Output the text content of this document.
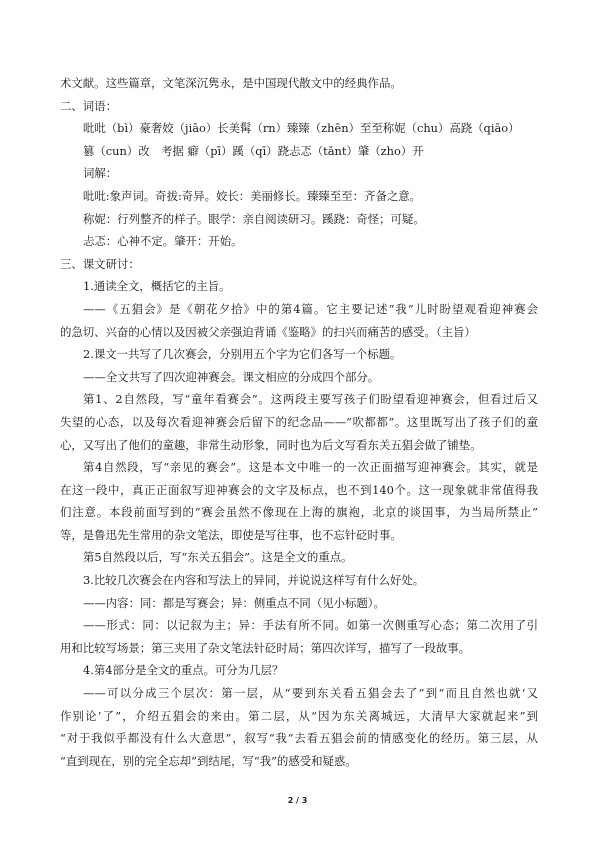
术文献。这些篇章，文笔深沉隽永，是中国现代散文中的经典作品。
二、词语：
吡吡（bì）豪奢姣（jiāo）长美髯（rn）臻臻（zhēn）至至称妮（chu）高跷（qiāo）
篡（cun）改　考据 癖（pī）蹊（qī）跷忐忑（tǎnt）肇（zho）开
词解：
吡吡:象声词。奇拔:奇异。姣长：美丽修长。臻臻至至：齐备之意。
称妮：行列整齐的样子。眼学：亲自阅读研习。蹊跷：奇怪；可疑。
忐忑：心神不定。肇开：开始。
三、课文研讨：
1.通读全文，概括它的主旨。
——《五猖会》是《朝花夕拾》中的第4篇。它主要记述“我”儿时盼望观看迎神赛会
的急切、兴奋的心情以及因被父亲强迫背诵《鉴略》的扫兴而痛苦的感受。（主旨）
2.课文一共写了几次赛会，分别用五个字为它们各写一个标题。
——全文共写了四次迎神赛会。课文相应的分成四个部分。
第1、2自然段，写“童年看赛会”。这两段主要写孩子们盼望看迎神赛会，但看过后又
失望的心态，以及每次看迎神赛会后留下的纪念品——“吹都都”。这里既写出了孩子们的童
心，又写出了他们的童趣，非常生动形象，同时也为后文写看东关五猖会做了铺垫。
第4自然段，写“亲见的赛会”。这是本文中唯一的一次正面描写迎神赛会。其实，就是
在这一段中，真正正面叙写迎神赛会的文字及标点，也不到140个。这一现象就非常值得我
们注意。本段前面写到的“赛会虽然不像现在上海的旗袍，北京的谈国事，为当局所禁止”
等，是鲁迅先生常用的杂文笔法，即使是写往事，也不忘针砭时事。
第5自然段以后，写“东关五猖会”。这是全文的重点。
3.比较几次赛会在内容和写法上的异同，并说说这样写有什么好处。
——内容：同：都是写赛会；异：侧重点不同（见小标题）。
——形式：同：以记叙为主；异：手法有所不同。如第一次侧重写心态；第二次用了引
用和比较写场景；第三夹用了杂文笔法针砭时局；第四次详写，描写了一段故事。
4.第4部分是全文的重点。可分为几层？
——可以分成三个层次：第一层，从“要到东关看五猖会去了”到“而且自然也就‘又
作别论’了”，介绍五猖会的来由。第二层，从“因为东关离城远，大清早大家就起来”到
“对于我似乎都没有什么大意思”，叙写“我”去看五猖会前的情感变化的经历。第三层，从
“直到现在，别的完全忘却”到结尾，写“我”的感受和疑惑。
2 / 3
